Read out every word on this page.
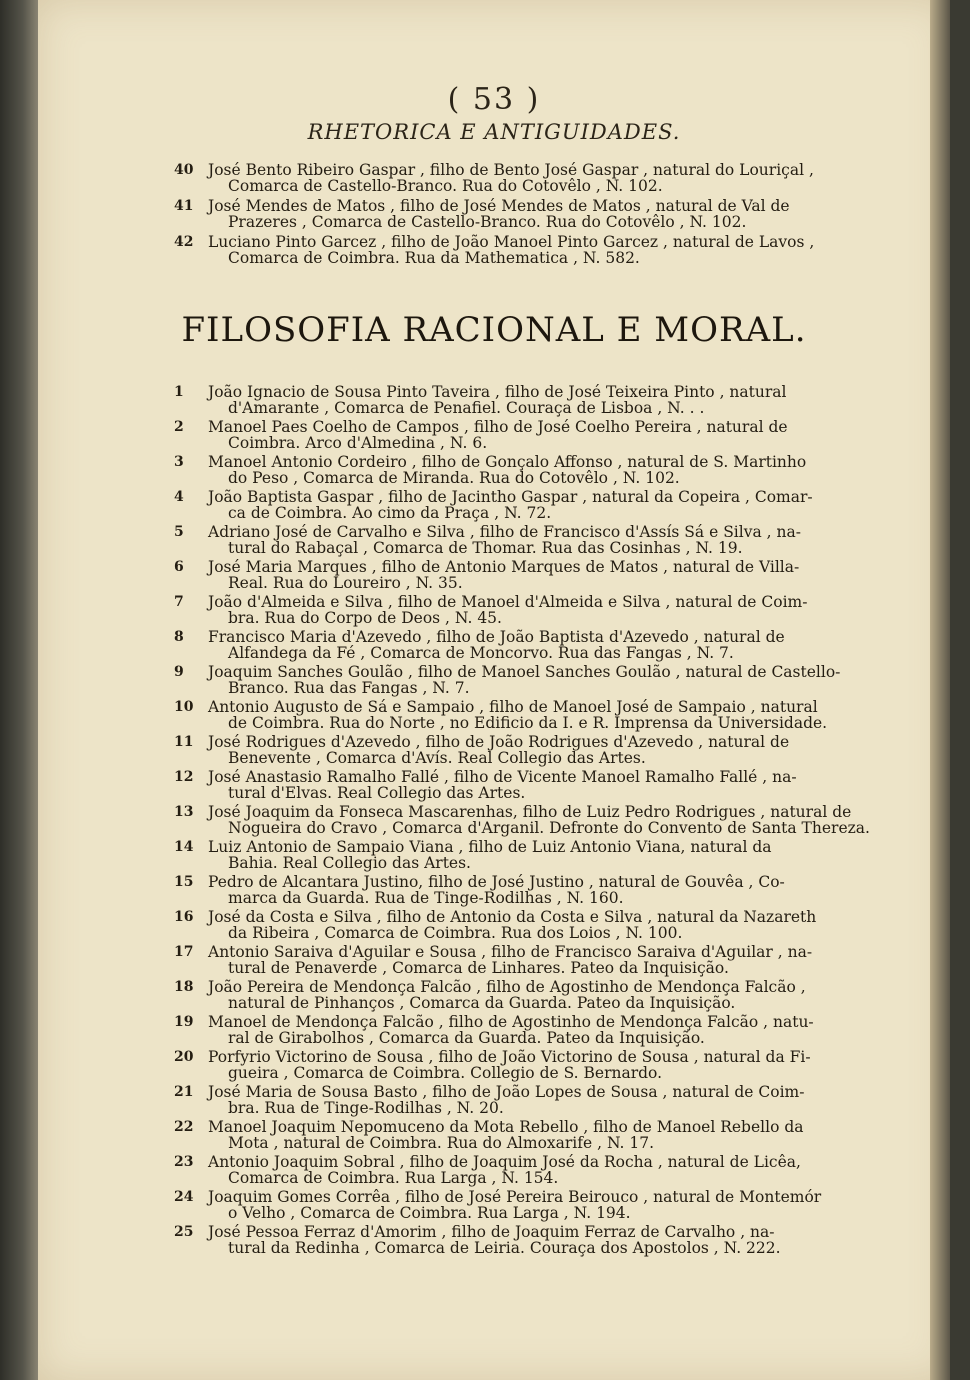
( 53 )
RHETORICA E ANTIGUIDADES.
40 José Bento Ribeiro Gaspar , filho de Bento José Gaspar , natural do Louriçal ,
Comarca de Castello-Branco. Rua do Cotovêlo , N. 102.
41 José Mendes de Matos , filho de José Mendes de Matos , natural de Val de
Prazeres , Comarca de Castello-Branco. Rua do Cotovêlo , N. 102.
42 Luciano Pinto Garcez , filho de João Manoel Pinto Garcez , natural de Lavos ,
Comarca de Coimbra. Rua da Mathematica , N. 582.
FILOSOFIA RACIONAL E MORAL.
1 João Ignacio de Sousa Pinto Taveira , filho de José Teixeira Pinto , natural
d'Amarante , Comarca de Penafiel. Couraça de Lisboa , N. . .
2 Manoel Paes Coelho de Campos , filho de José Coelho Pereira , natural de
Coimbra. Arco d'Almedina , N. 6.
3 Manoel Antonio Cordeiro , filho de Gonçalo Affonso , natural de S. Martinho
do Peso , Comarca de Miranda. Rua do Cotovêlo , N. 102.
4 João Baptista Gaspar , filho de Jacintho Gaspar , natural da Copeira , Comar-
ca de Coimbra. Ao cimo da Praça , N. 72.
5 Adriano José de Carvalho e Silva , filho de Francisco d'Assís Sá e Silva , na-
tural do Rabaçal , Comarca de Thomar. Rua das Cosinhas , N. 19.
6 José Maria Marques , filho de Antonio Marques de Matos , natural de Villa-
Real. Rua do Loureiro , N. 35.
7 João d'Almeida e Silva , filho de Manoel d'Almeida e Silva , natural de Coim-
bra. Rua do Corpo de Deos , N. 45.
8 Francisco Maria d'Azevedo , filho de João Baptista d'Azevedo , natural de
Alfandega da Fé , Comarca de Moncorvo. Rua das Fangas , N. 7.
9 Joaquim Sanches Goulão , filho de Manoel Sanches Goulão , natural de Castello-
Branco. Rua das Fangas , N. 7.
10 Antonio Augusto de Sá e Sampaio , filho de Manoel José de Sampaio , natural
de Coimbra. Rua do Norte , no Edificio da I. e R. Imprensa da Universidade.
11 José Rodrigues d'Azevedo , filho de João Rodrigues d'Azevedo , natural de
Benevente , Comarca d'Avís. Real Collegio das Artes.
12 José Anastasio Ramalho Fallé , filho de Vicente Manoel Ramalho Fallé , na-
tural d'Elvas. Real Collegio das Artes.
13 José Joaquim da Fonseca Mascarenhas, filho de Luiz Pedro Rodrigues , natural de
Nogueira do Cravo , Comarca d'Arganil. Defronte do Convento de Santa Thereza.
14 Luiz Antonio de Sampaio Viana , filho de Luiz Antonio Viana, natural da
Bahia. Real Collegio das Artes.
15 Pedro de Alcantara Justino, filho de José Justino , natural de Gouvêa , Co-
marca da Guarda. Rua de Tinge-Rodilhas , N. 160.
16 José da Costa e Silva , filho de Antonio da Costa e Silva , natural da Nazareth
da Ribeira , Comarca de Coimbra. Rua dos Loios , N. 100.
17 Antonio Saraiva d'Aguilar e Sousa , filho de Francisco Saraiva d'Aguilar , na-
tural de Penaverde , Comarca de Linhares. Pateo da Inquisição.
18 João Pereira de Mendonça Falcão , filho de Agostinho de Mendonça Falcão ,
natural de Pinhanços , Comarca da Guarda. Pateo da Inquisição.
19 Manoel de Mendonça Falcão , filho de Agostinho de Mendonça Falcão , natu-
ral de Girabolhos , Comarca da Guarda. Pateo da Inquisição.
20 Porfyrio Victorino de Sousa , filho de João Victorino de Sousa , natural da Fi-
gueira , Comarca de Coimbra. Collegio de S. Bernardo.
21 José Maria de Sousa Basto , filho de João Lopes de Sousa , natural de Coim-
bra. Rua de Tinge-Rodilhas , N. 20.
22 Manoel Joaquim Nepomuceno da Mota Rebello , filho de Manoel Rebello da
Mota , natural de Coimbra. Rua do Almoxarife , N. 17.
23 Antonio Joaquim Sobral , filho de Joaquim José da Rocha , natural de Licêa,
Comarca de Coimbra. Rua Larga , N. 154.
24 Joaquim Gomes Corrêa , filho de José Pereira Beirouco , natural de Montemór
o Velho , Comarca de Coimbra. Rua Larga , N. 194.
25 José Pessoa Ferraz d'Amorim , filho de Joaquim Ferraz de Carvalho , na-
tural da Redinha , Comarca de Leiria. Couraça dos Apostolos , N. 222.
